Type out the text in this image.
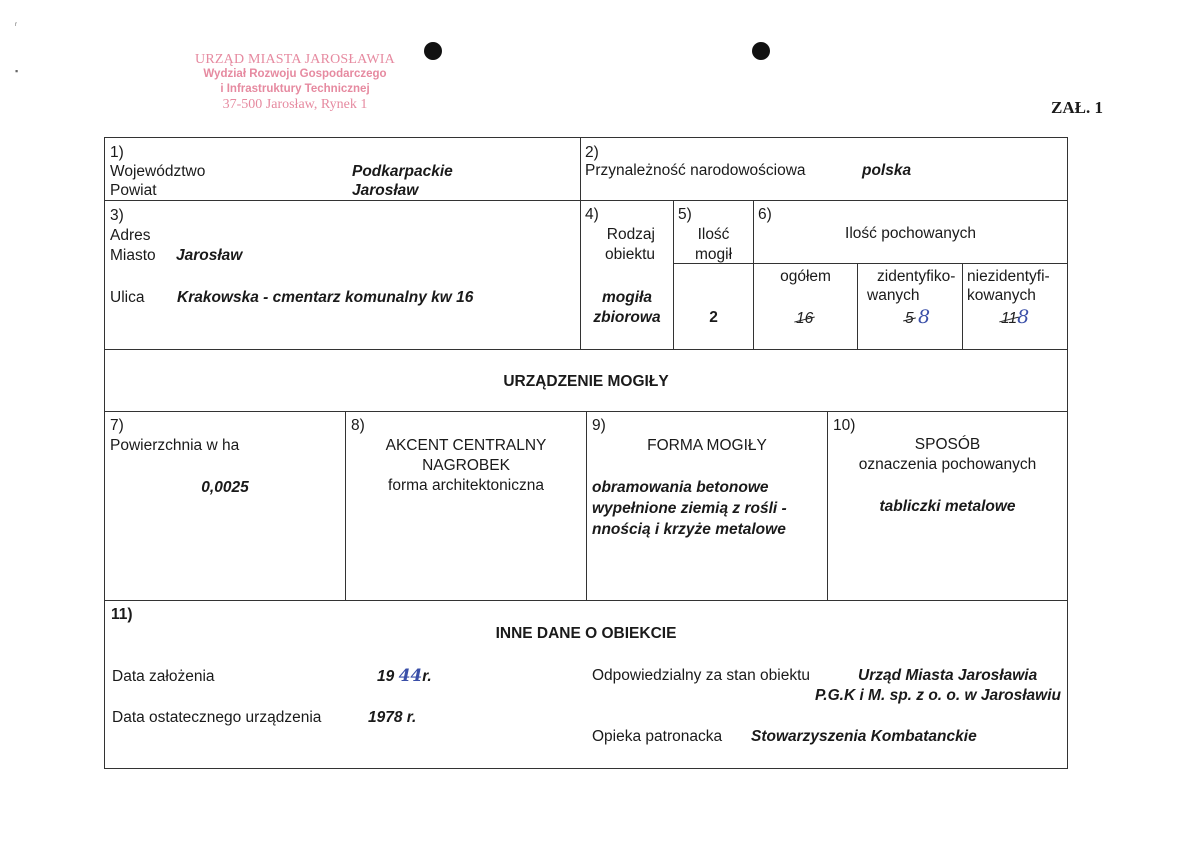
ʳ
▪
URZĄD MIASTA JAROSŁAWIA
Wydział Rozwoju Gospodarczego
i Infrastruktury Technicznej
37-500 Jarosław, Rynek 1	ZAŁ. 1
1)
Województwo	Podkarpackie
Powiat	Jarosław
2)
Przynależność narodowościowa	polska
3)
Adres
Miasto Jarosław
Ulica Krakowska - cmentarz komunalny kw 16
4)
Rodzaj
obiektu
mogiła
zbiorowa
5)
Ilość
mogił
2
6)
Ilość pochowanych
ogółem
16
zidentyfiko-
wanych
5 8
niezidentyfi-
kowanych
118
URZĄDZENIE MOGIŁY
7)
Powierzchnia w ha
0,0025
8)
AKCENT CENTRALNY
NAGROBEK
forma architektoniczna
9)
FORMA MOGIŁY
obramowania betonowe
wypełnione ziemią z rośli -
nnością i krzyże metalowe
10)
SPOSÓB
oznaczenia pochowanych
tabliczki metalowe
11)
INNE DANE O OBIEKCIE
Data założenia	19 44r.
Data ostatecznego urządzenia	1978 r.
Odpowiedzialny za stan obiektu	Urząd Miasta Jarosławia
P.G.K i M. sp. z o. o. w Jarosławiu
Opieka patronacka Stowarzyszenia Kombatanckie
